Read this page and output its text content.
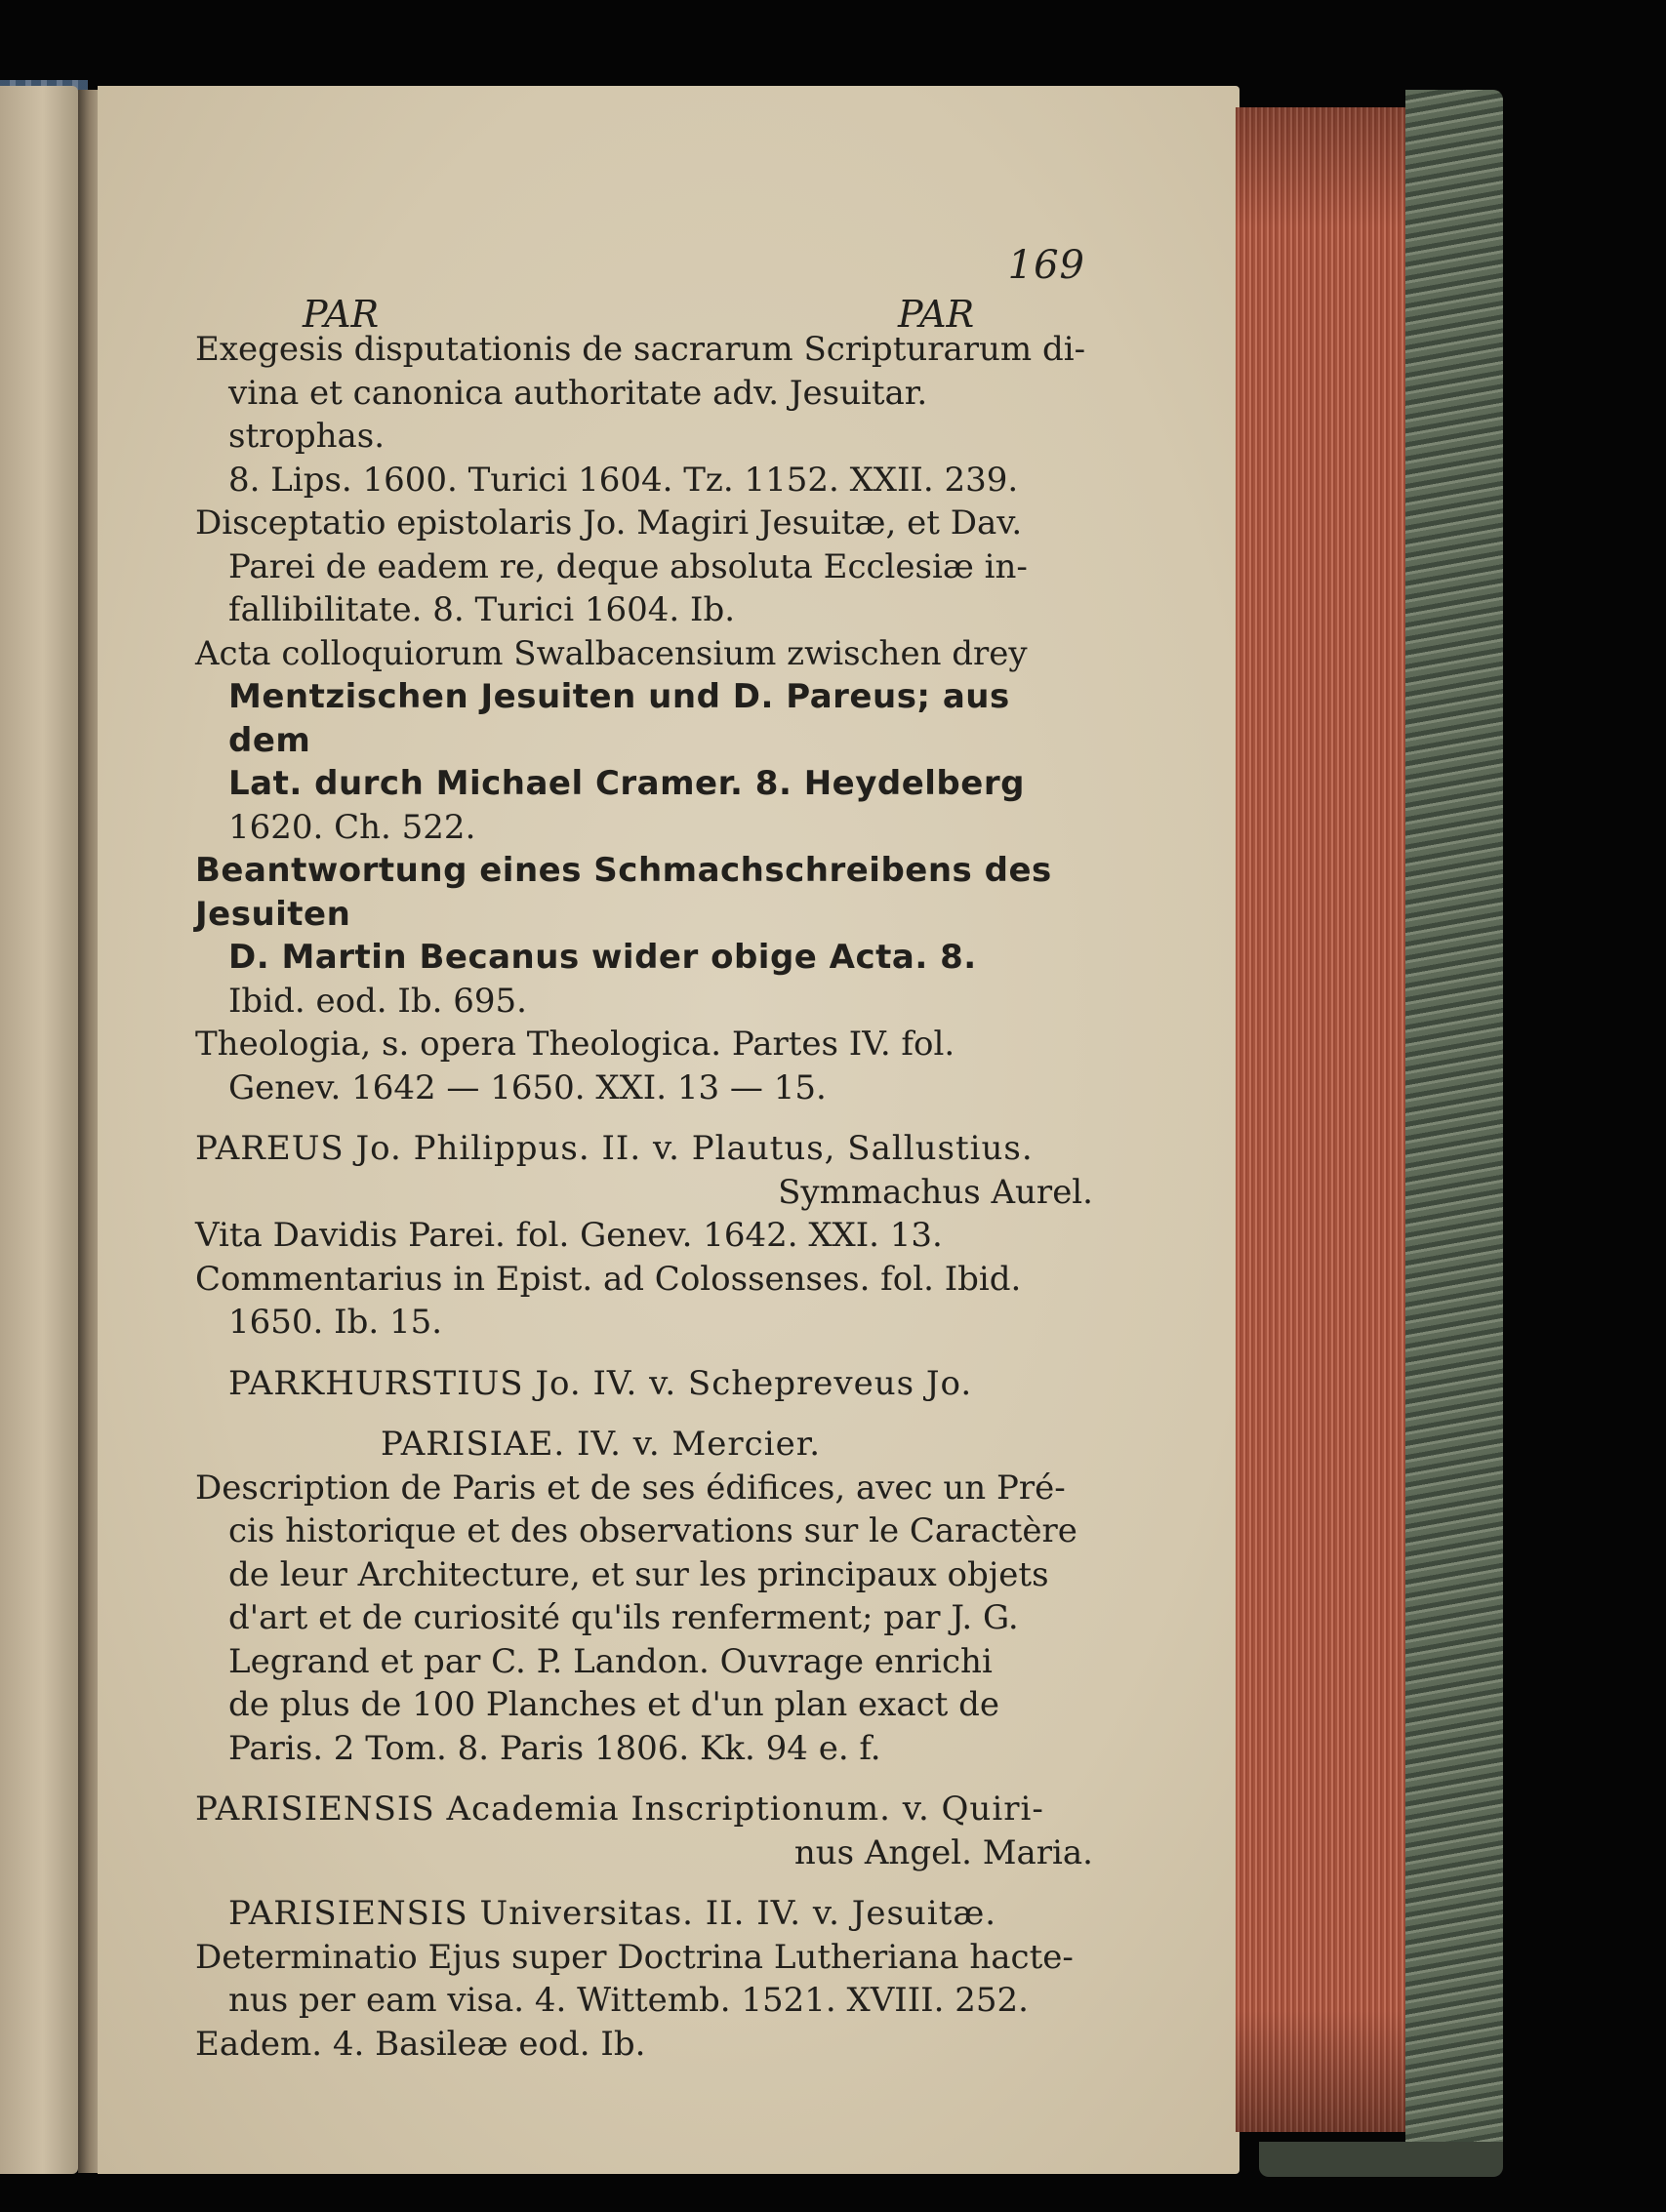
169
PAR	PAR
Exegesis disputationis de sacrarum Scripturarum di-
vina et canonica authoritate adv. Jesuitar. strophas.
8. Lips. 1600. Turici 1604. Tz. 1152. XXII. 239.
Disceptatio epistolaris Jo. Magiri Jesuitæ, et Dav.
Parei de eadem re, deque absoluta Ecclesiæ in-
fallibilitate. 8. Turici 1604. Ib.
Acta colloquiorum Swalbacensium zwischen drey
Mentzischen Jesuiten und D. Pareus; aus dem
Lat. durch Michael Cramer. 8. Heydelberg
1620. Ch. 522.
Beantwortung eines Schmachschreibens des Jesuiten
D. Martin Becanus wider obige Acta. 8.
Ibid. eod. Ib. 695.
Theologia, s. opera Theologica. Partes IV. fol.
Genev. 1642 — 1650. XXI. 13 — 15.
PAREUS Jo. Philippus. II. v. Plautus, Sallustius.
Symmachus Aurel.
Vita Davidis Parei. fol. Genev. 1642. XXI. 13.
Commentarius in Epist. ad Colossenses. fol. Ibid.
1650. Ib. 15.
PARKHURSTIUS Jo. IV. v. Schepreveus Jo.
PARISIAE. IV. v. Mercier.
Description de Paris et de ses édifices, avec un Pré-
cis historique et des observations sur le Caractère
de leur Architecture, et sur les principaux objets
d'art et de curiosité qu'ils renferment; par J. G.
Legrand et par C. P. Landon. Ouvrage enrichi
de plus de 100 Planches et d'un plan exact de
Paris. 2 Tom. 8. Paris 1806. Kk. 94 e. f.
PARISIENSIS Academia Inscriptionum. v. Quiri-
nus Angel. Maria.
PARISIENSIS Universitas. II. IV. v. Jesuitæ.
Determinatio Ejus super Doctrina Lutheriana hacte-
nus per eam visa. 4. Wittemb. 1521. XVIII. 252.
Eadem. 4. Basileæ eod. Ib.
